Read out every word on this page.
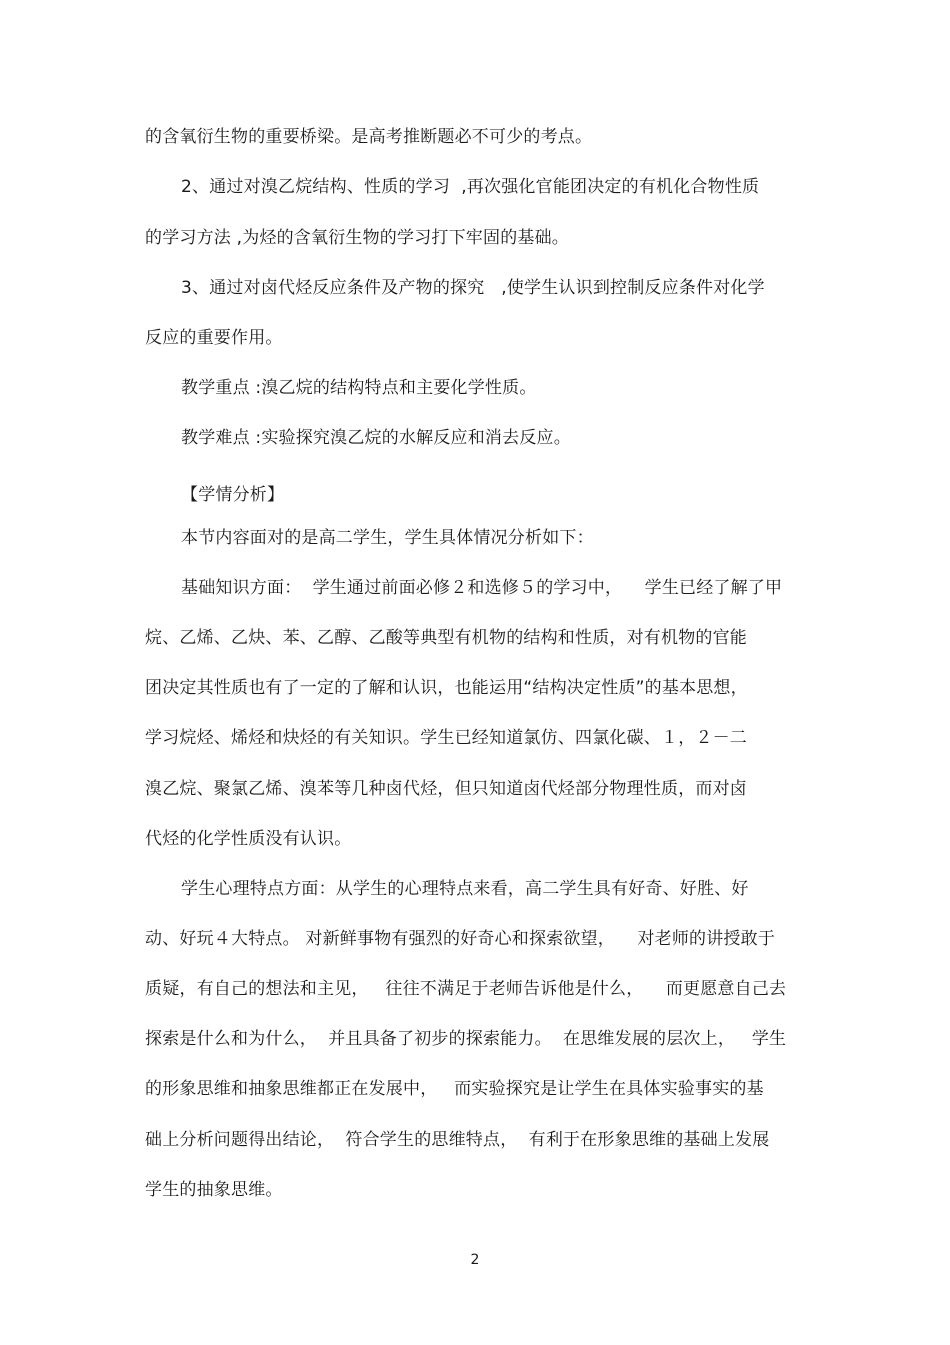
的含氧衍生物的重要桥梁。是高考推断题必不可少的考点。
2、通过对溴乙烷结构、性质的学习  ,再次强化官能团决定的有机化合物性质
的学习方法 ,为烃的含氧衍生物的学习打下牢固的基础。
3、通过对卤代烃反应条件及产物的探究   ,使学生认识到控制反应条件对化学
反应的重要作用。
教学重点 :溴乙烷的结构特点和主要化学性质。
教学难点 :实验探究溴乙烷的水解反应和消去反应。
【学情分析】
本节内容面对的是高二学生，学生具体情况分析如下：
基础知识方面：  学生通过前面必修２和选修５的学习中，    学生已经了解了甲
烷、乙烯、乙炔、苯、乙醇、乙酸等典型有机物的结构和性质，对有机物的官能
团决定其性质也有了一定的了解和认识，也能运用“结构决定性质”的基本思想，
学习烷烃、烯烃和炔烃的有关知识。学生已经知道氯仿、四氯化碳、１，２－二
溴乙烷、聚氯乙烯、溴苯等几种卤代烃，但只知道卤代烃部分物理性质，而对卤
代烃的化学性质没有认识。
学生心理特点方面：从学生的心理特点来看，高二学生具有好奇、好胜、好
动、好玩４大特点。 对新鲜事物有强烈的好奇心和探索欲望，    对老师的讲授敢于
质疑，有自己的想法和主见，   往往不满足于老师告诉他是什么，    而更愿意自己去
探索是什么和为什么，  并且具备了初步的探索能力。  在思维发展的层次上，   学生
的形象思维和抽象思维都正在发展中，   而实验探究是让学生在具体实验事实的基
础上分析问题得出结论，  符合学生的思维特点，  有利于在形象思维的基础上发展
学生的抽象思维。
2
